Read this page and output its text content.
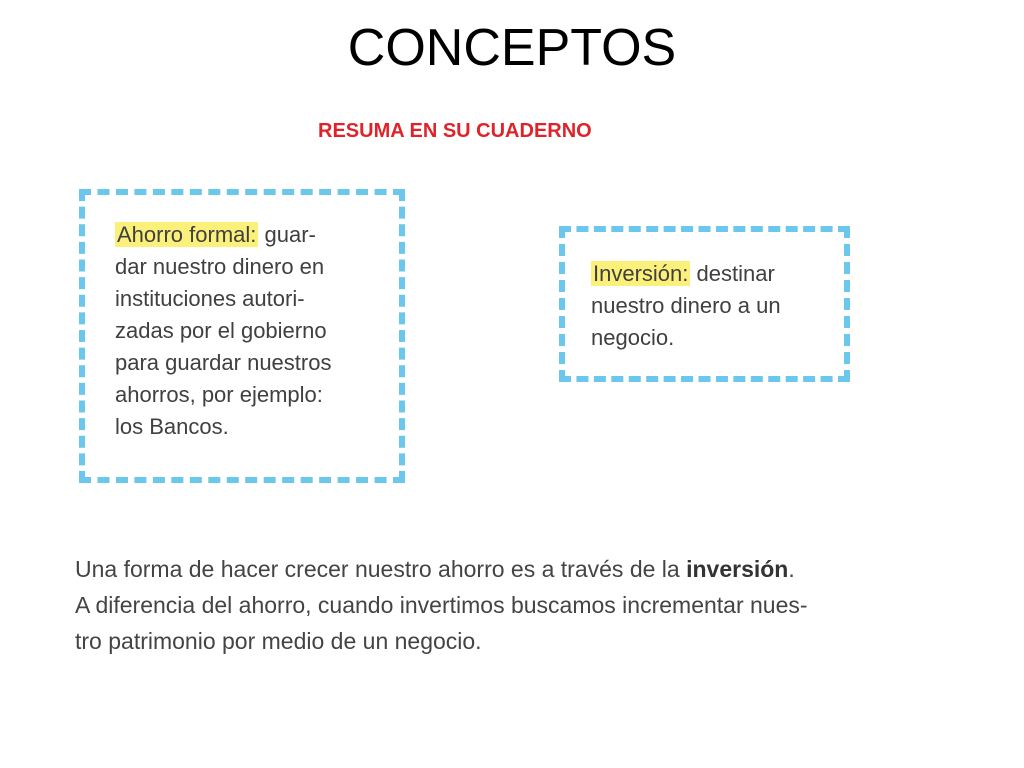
CONCEPTOS
RESUMA EN SU CUADERNO

Ahorro formal: guar-
dar nuestro dinero en
instituciones autori-
zadas por el gobierno
para guardar nuestros
ahorros, por ejemplo:
los Bancos.

Inversión: destinar
nuestro dinero a un
negocio.

Una forma de hacer crecer nuestro ahorro es a través de la inversión.
A diferencia del ahorro, cuando invertimos buscamos incrementar nues-
tro patrimonio por medio de un negocio.
